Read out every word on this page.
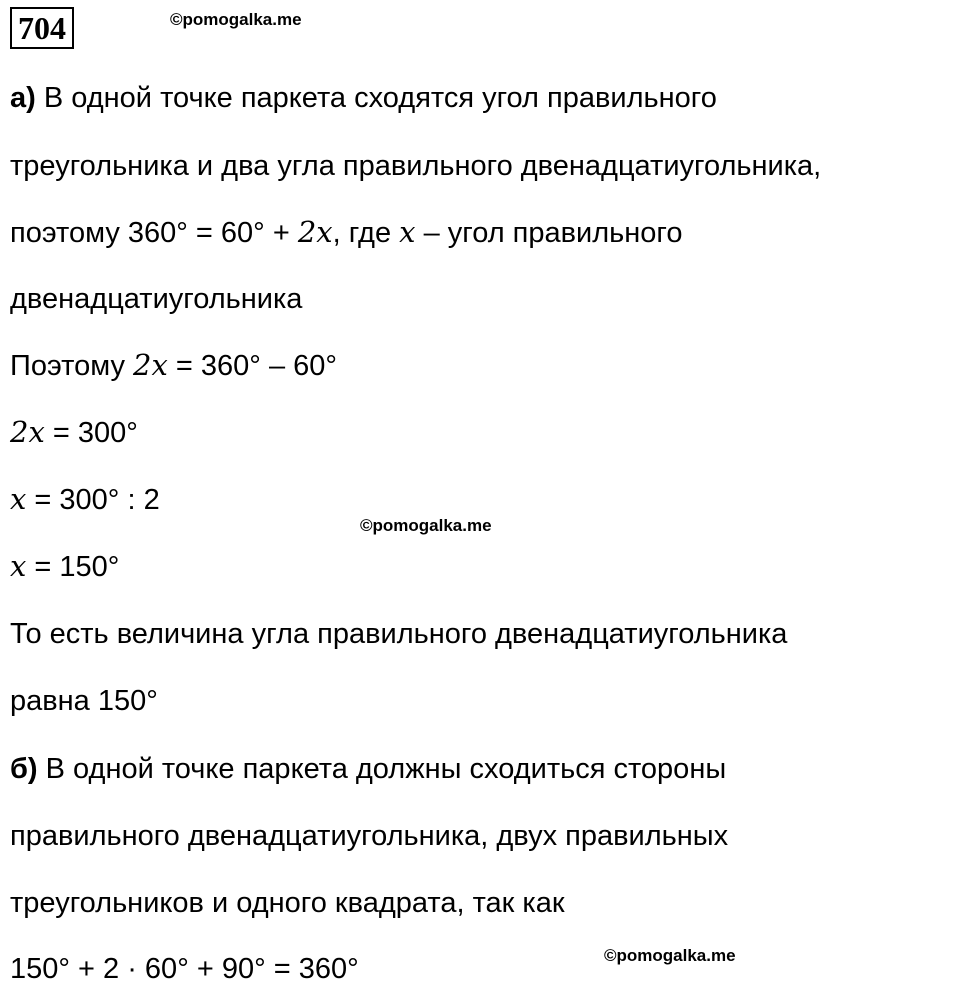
704	©pomogalka.me
а) В одной точке паркета сходятся угол правильного
треугольника и два угла правильного двенадцатиугольника,
поэтому 360° = 60° + 2𝑥, где 𝑥 – угол правильного
двенадцатиугольника
Поэтому 2𝑥 = 360° – 60°
2𝑥 = 300°
𝑥 = 300° : 2
©pomogalka.me
𝑥 = 150°
То есть величина угла правильного двенадцатиугольника
равна 150°
б) В одной точке паркета должны сходиться стороны
правильного двенадцатиугольника, двух правильных
треугольников и одного квадрата, так как
©pomogalka.me
150° + 2 · 60° + 90° = 360°
